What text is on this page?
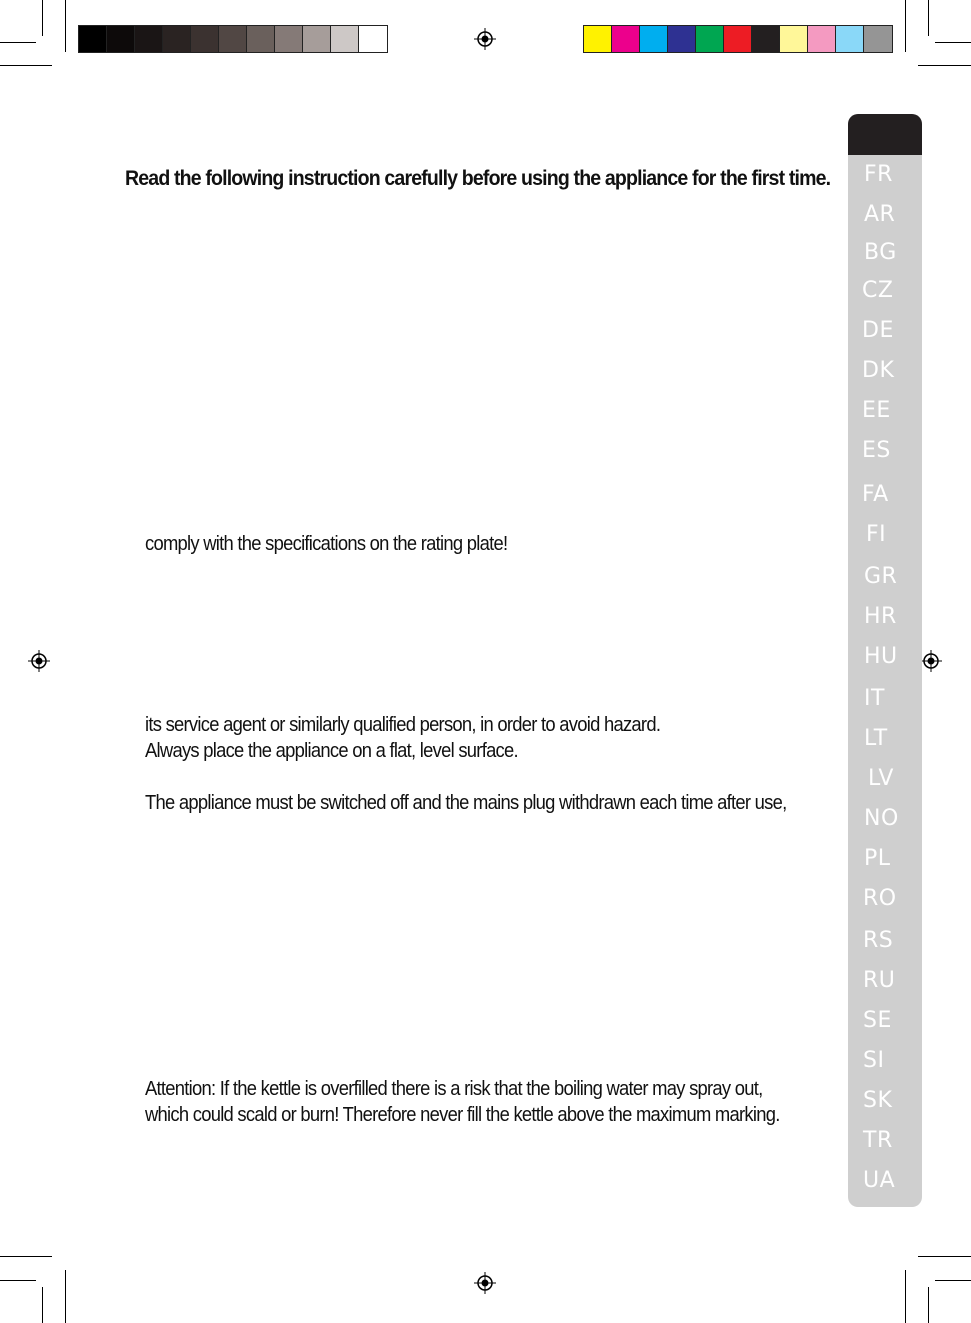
Read the following instruction carefully before using the appliance for the first time.
comply with the specifications on the rating plate!
its service agent or similarly qualified person, in order to avoid hazard.
Always place the appliance on a flat, level surface.
The appliance must be switched off and the mains plug withdrawn each time after use,
Attention: If the kettle is overfilled there is a risk that the boiling water may spray out,
which could scald or burn! Therefore never fill the kettle above the maximum marking.
FR
AR
BG
CZ
DE
DK
EE
ES
FA
FI
GR
HR
HU
IT
LT
LV
NO
PL
RO
RS
RU
SE
SI
SK
TR
UA
